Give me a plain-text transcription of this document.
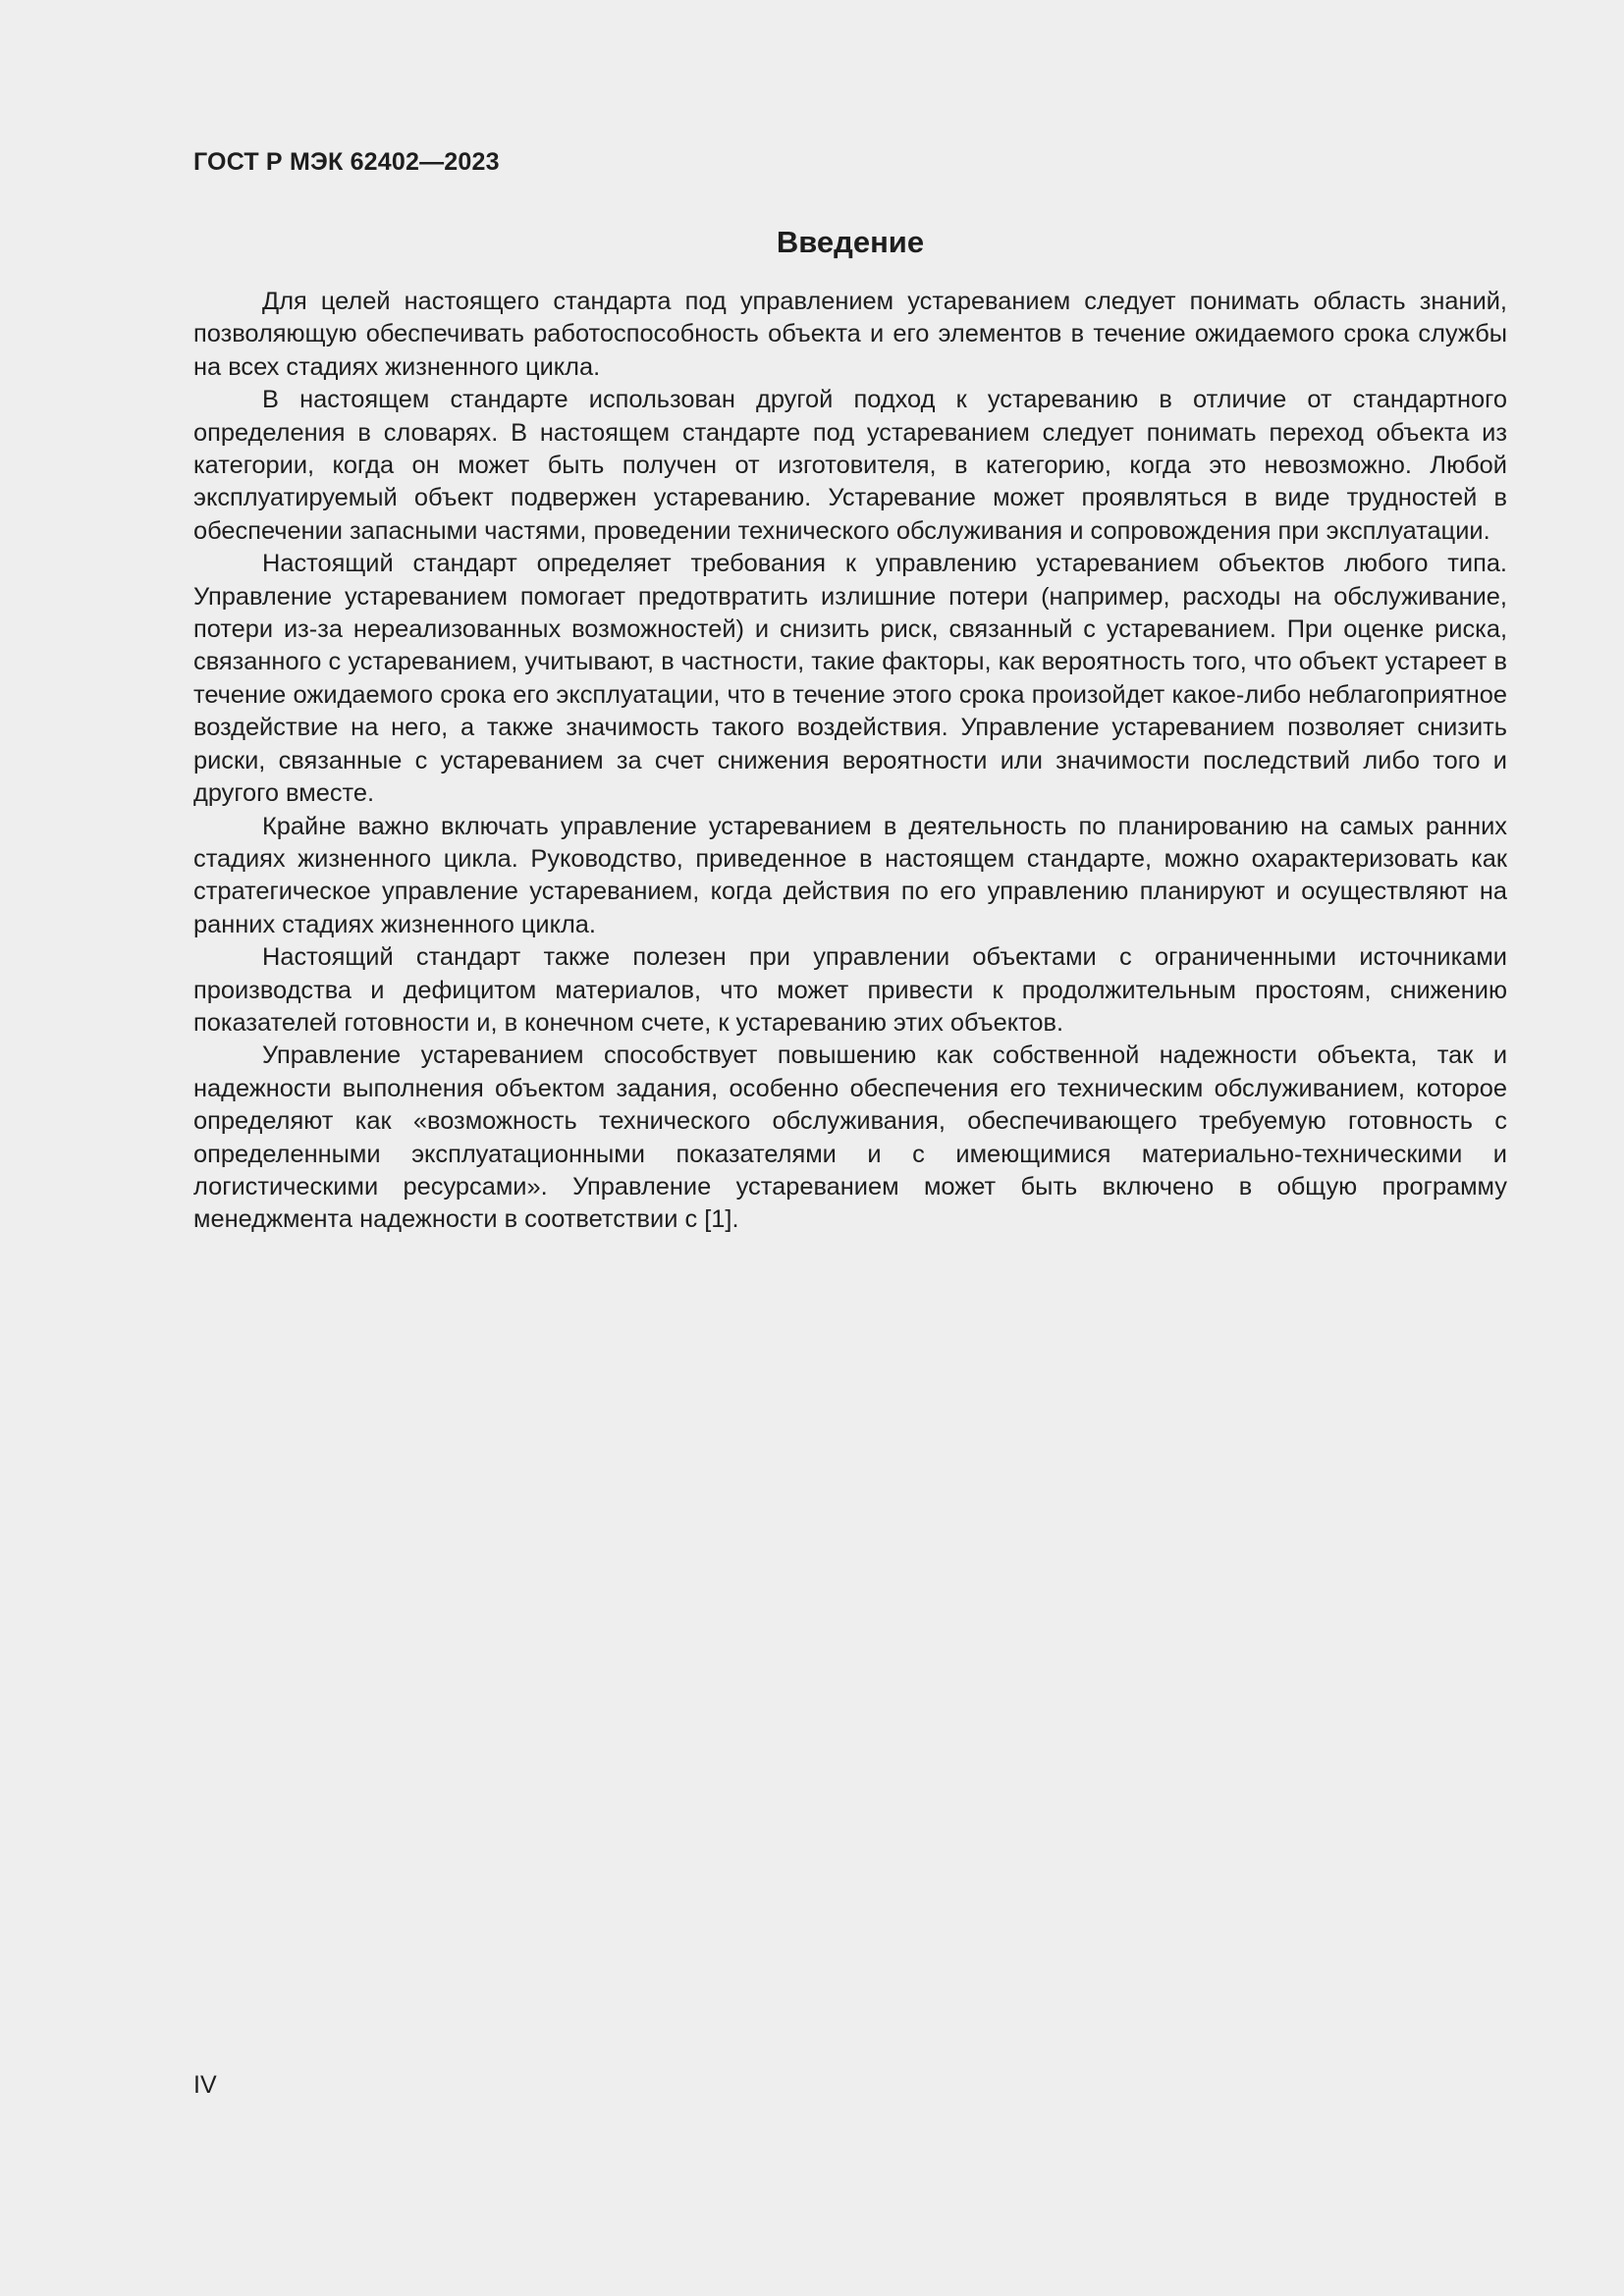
ГОСТ Р МЭК 62402—2023
Введение

Для целей настоящего стандарта под управлением устареванием следует понимать область знаний, позволяющую обеспечивать работоспособность объекта и его элементов в течение ожидаемого срока службы на всех стадиях жизненного цикла.

В настоящем стандарте использован другой подход к устареванию в отличие от стандартного определения в словарях. В настоящем стандарте под устареванием следует понимать переход объекта из категории, когда он может быть получен от изготовителя, в категорию, когда это невозможно. Любой эксплуатируемый объект подвержен устареванию. Устаревание может проявляться в виде трудностей в обеспечении запасными частями, проведении технического обслуживания и сопровождения при эксплуатации.

Настоящий стандарт определяет требования к управлению устареванием объектов любого типа. Управление устареванием помогает предотвратить излишние потери (например, расходы на обслуживание, потери из-за нереализованных возможностей) и снизить риск, связанный с устареванием. При оценке риска, связанного с устареванием, учитывают, в частности, такие факторы, как вероятность того, что объект устареет в течение ожидаемого срока его эксплуатации, что в течение этого срока произойдет какое-либо неблагоприятное воздействие на него, а также значимость такого воздействия. Управление устареванием позволяет снизить риски, связанные с устареванием за счет снижения вероятности или значимости последствий либо того и другого вместе.

Крайне важно включать управление устареванием в деятельность по планированию на самых ранних стадиях жизненного цикла. Руководство, приведенное в настоящем стандарте, можно охарактеризовать как стратегическое управление устареванием, когда действия по его управлению планируют и осуществляют на ранних стадиях жизненного цикла.

Настоящий стандарт также полезен при управлении объектами с ограниченными источниками производства и дефицитом материалов, что может привести к продолжительным простоям, снижению показателей готовности и, в конечном счете, к устареванию этих объектов.

Управление устареванием способствует повышению как собственной надежности объекта, так и надежности выполнения объектом задания, особенно обеспечения его техническим обслуживанием, которое определяют как «возможность технического обслуживания, обеспечивающего требуемую готовность с определенными эксплуатационными показателями и с имеющимися материально-техническими и логистическими ресурсами». Управление устареванием может быть включено в общую программу менеджмента надежности в соответствии с [1].

IV
